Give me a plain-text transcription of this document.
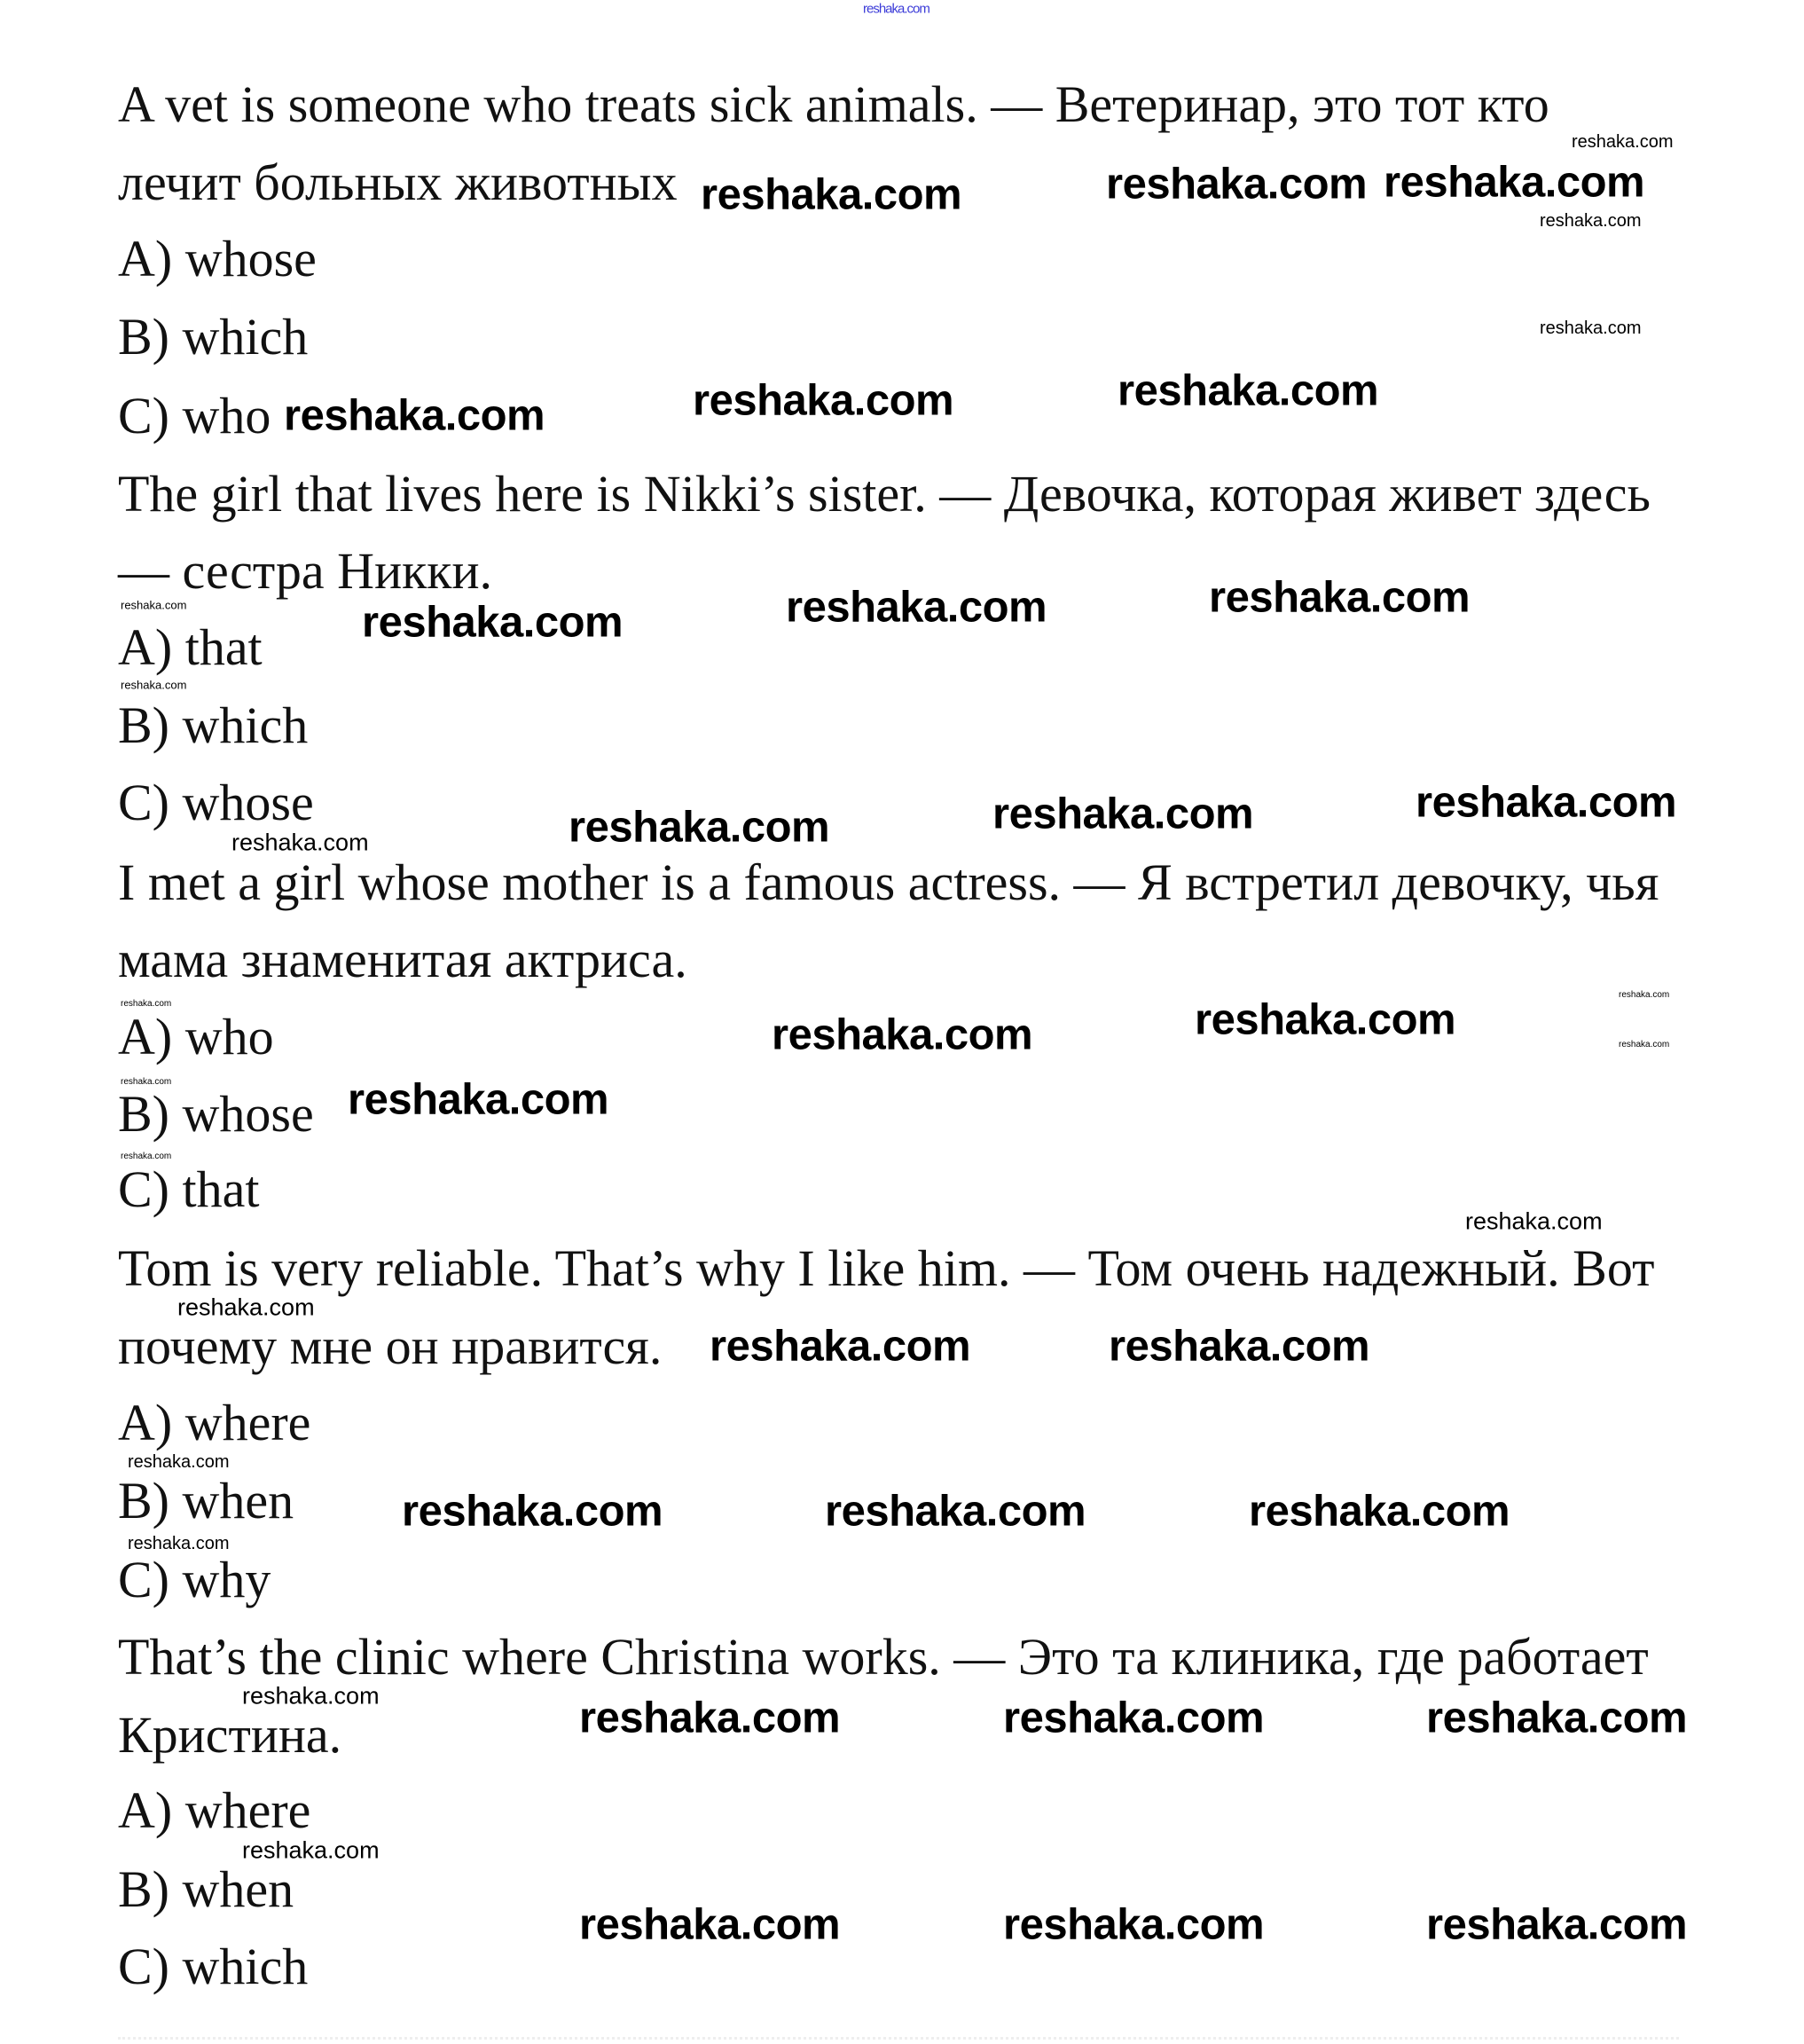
A vet is someone who treats sick animals. — Ветеринар, это тот кто
лечит больных животных
A) whose
B) which
C) who
The girl that lives here is Nikki’s sister. — Девочка, которая живет здесь
— сестра Никки.
A) that
B) which
C) whose
I met a girl whose mother is a famous actress. — Я встретил девочку, чья
мама знаменитая актриса.
A) who
B) whose
C) that
Tom is very reliable. That’s why I like him. — Том очень надежный. Вот
почему мне он нравится.
A) where
B) when
C) why
That’s the clinic where Christina works. — Это та клиника, где работает
Кристина.
A) where
B) when
C) which
reshaka.com
reshaka.com
reshaka.com
reshaka.com	reshaka.com
reshaka.com
reshaka.com
reshaka.com	reshaka.com	reshaka.com
reshaka.com	reshaka.com	reshaka.com	reshaka.com
reshaka.com
reshaka.com	reshaka.com	reshaka.com
reshaka.com
reshaka.com
reshaka.com
reshaka.com
reshaka.com	reshaka.com
reshaka.com	reshaka.com
reshaka.com
reshaka.com
reshaka.com
reshaka.com	reshaka.com
reshaka.com
reshaka.com	reshaka.com	reshaka.com
reshaka.com
reshaka.com	reshaka.com	reshaka.com	reshaka.com
reshaka.com
reshaka.com	reshaka.com	reshaka.com
